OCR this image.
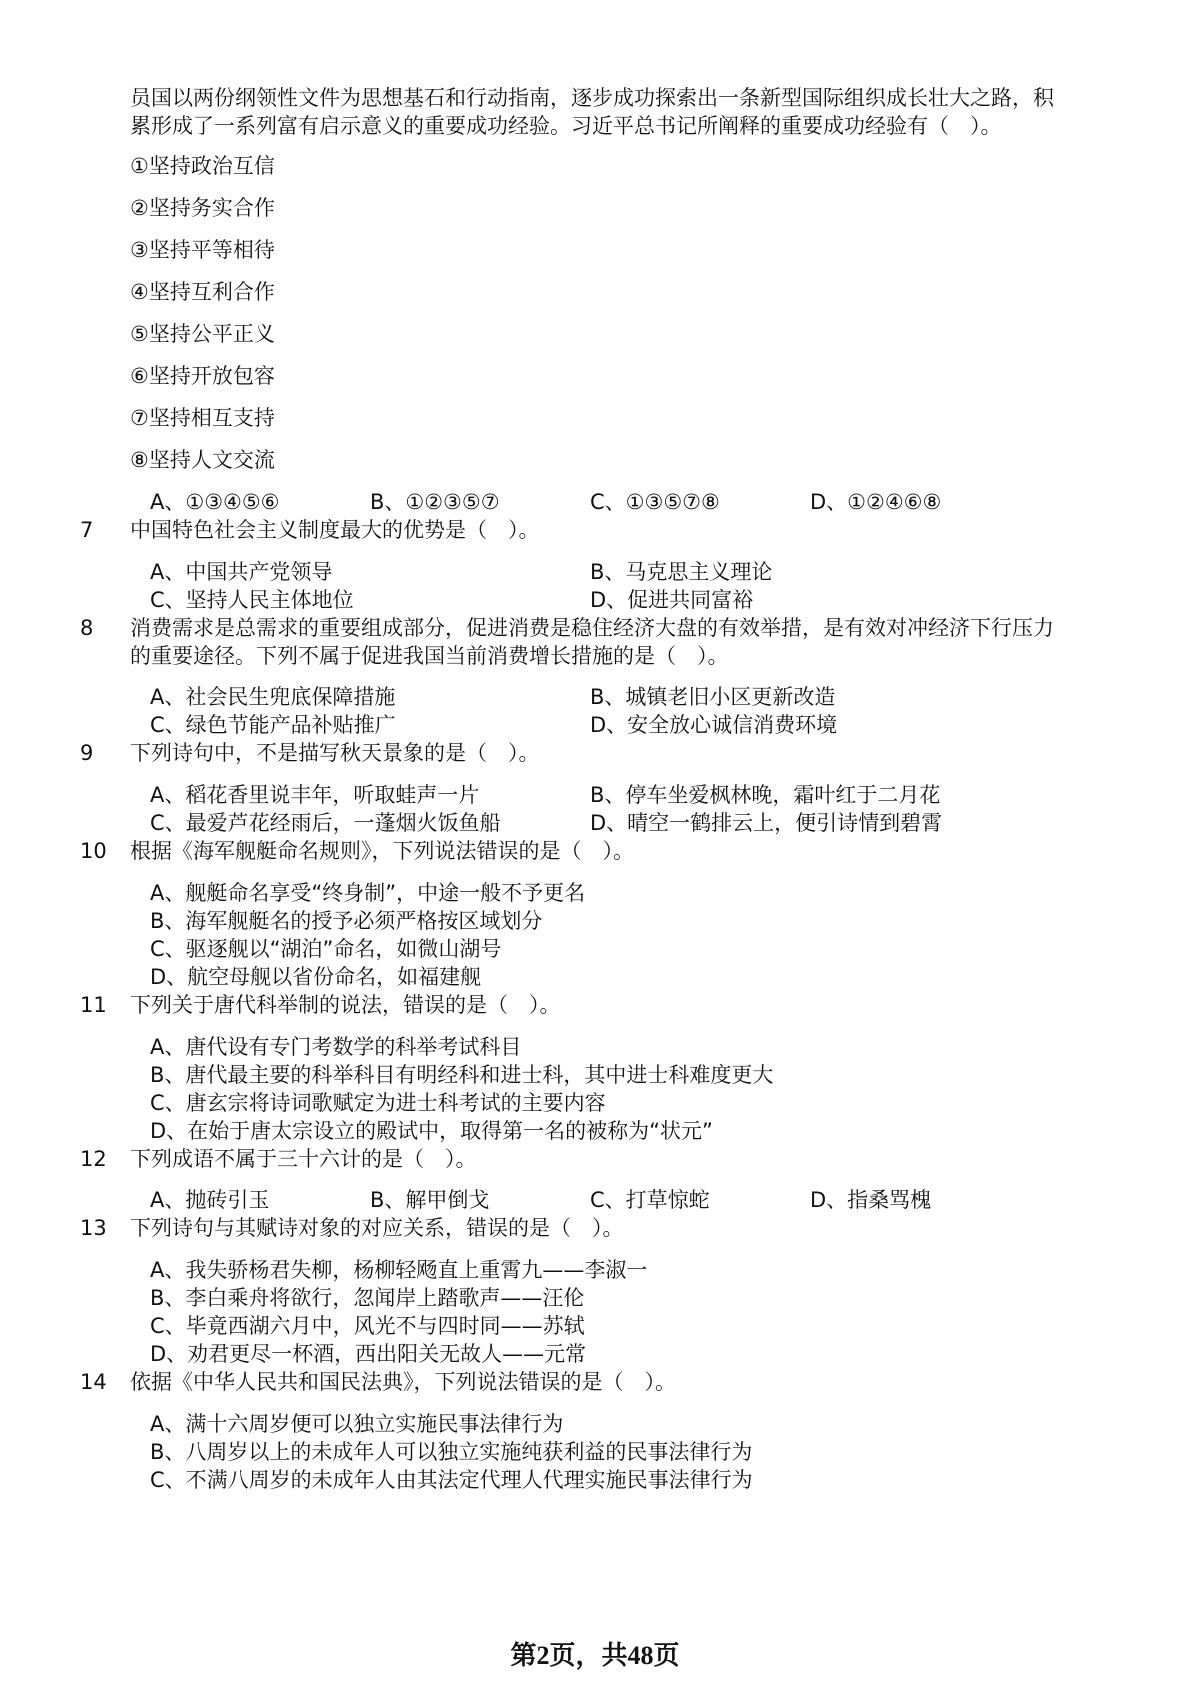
员国以两份纲领性文件为思想基石和行动指南，逐步成功探索出一条新型国际组织成长壮大之路，积
累形成了一系列富有启示意义的重要成功经验。习近平总书记所阐释的重要成功经验有（　）。
①坚持政治互信
②坚持务实合作
③坚持平等相待
④坚持互利合作
⑤坚持公平正义
⑥坚持开放包容
⑦坚持相互支持
⑧坚持人文交流
A、①③④⑤⑥	B、①②③⑤⑦	C、①③⑤⑦⑧	D、①②④⑥⑧
7	中国特色社会主义制度最大的优势是（　）。
A、中国共产党领导	B、马克思主义理论
C、坚持人民主体地位	D、促进共同富裕
8	消费需求是总需求的重要组成部分，促进消费是稳住经济大盘的有效举措，是有效对冲经济下行压力
的重要途径。下列不属于促进我国当前消费增长措施的是（　）。
A、社会民生兜底保障措施	B、城镇老旧小区更新改造
C、绿色节能产品补贴推广	D、安全放心诚信消费环境
9	下列诗句中，不是描写秋天景象的是（　）。
A、稻花香里说丰年，听取蛙声一片	B、停车坐爱枫林晚，霜叶红于二月花
C、最爱芦花经雨后，一蓬烟火饭鱼船	D、晴空一鹤排云上，便引诗情到碧霄
10	根据《海军舰艇命名规则》，下列说法错误的是（　）。
A、舰艇命名享受“终身制”，中途一般不予更名
B、海军舰艇名的授予必须严格按区域划分
C、驱逐舰以“湖泊”命名，如微山湖号
D、航空母舰以省份命名，如福建舰
11	下列关于唐代科举制的说法，错误的是（　）。
A、唐代设有专门考数学的科举考试科目
B、唐代最主要的科举科目有明经科和进士科，其中进士科难度更大
C、唐玄宗将诗词歌赋定为进士科考试的主要内容
D、在始于唐太宗设立的殿试中，取得第一名的被称为“状元”
12	下列成语不属于三十六计的是（　）。
A、抛砖引玉	B、解甲倒戈	C、打草惊蛇	D、指桑骂槐
13	下列诗句与其赋诗对象的对应关系，错误的是（　）。
A、我失骄杨君失柳，杨柳轻飏直上重霄九——李淑一
B、李白乘舟将欲行，忽闻岸上踏歌声——汪伦
C、毕竟西湖六月中，风光不与四时同——苏轼
D、劝君更尽一杯酒，西出阳关无故人——元常
14	依据《中华人民共和国民法典》，下列说法错误的是（　）。
A、满十六周岁便可以独立实施民事法律行为
B、八周岁以上的未成年人可以独立实施纯获利益的民事法律行为
C、不满八周岁的未成年人由其法定代理人代理实施民事法律行为
第2页，共48页
